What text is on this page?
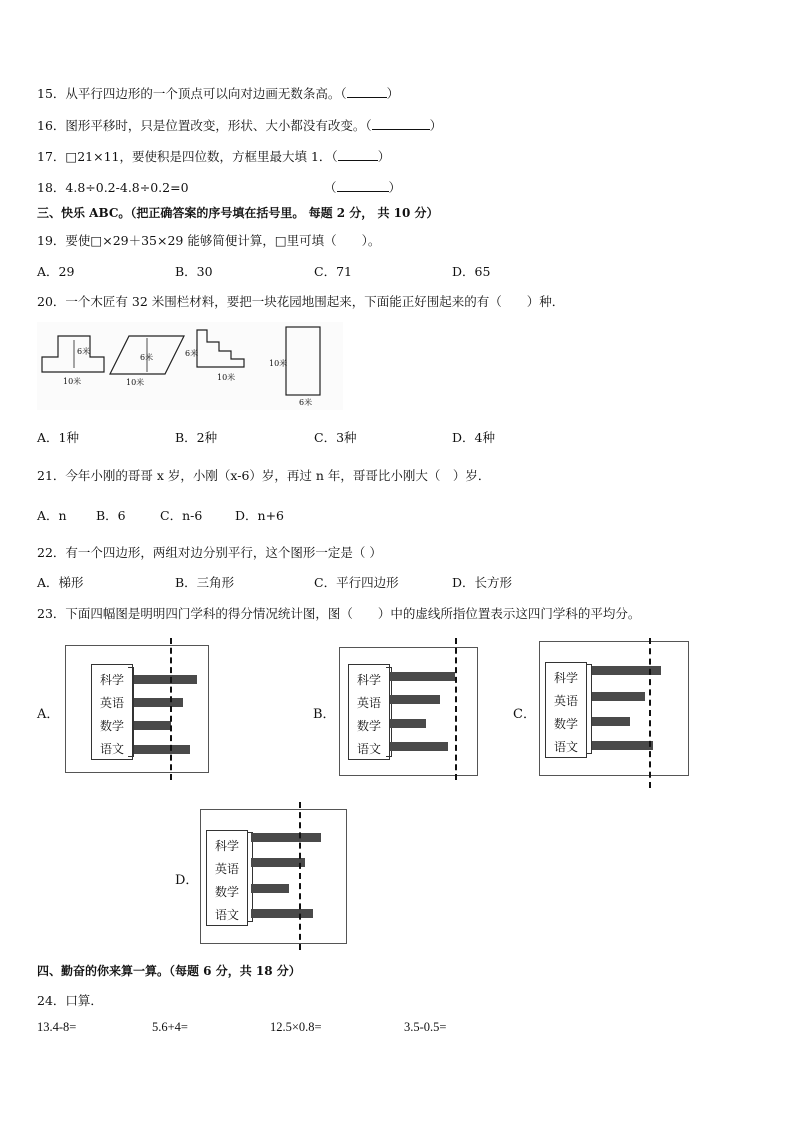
15．从平行四边形的一个顶点可以向对边画无数条高。（	）
16．图形平移时，只是位置改变，形状、大小都没有改变。（	）
17．□21×11，要使积是四位数，方框里最大填 1．（	）
18．4.8÷0.2-4.8÷0.2=0	（	）
三、快乐 ABC。（把正确答案的序号填在括号里。 每题 2 分， 共 10 分）
19．要使□×29＋35×29 能够简便计算，□里可填（　　）。
A．29	B．30	C．71	D．65
20．一个木匠有 32 米围栏材料，要把一块花园地围起来，下面能正好围起来的有（　　）种．
6米
10米
6米
10米
6米
10米
10米
6米
A．1种	B．2种	C．3种	D．4种
21．今年小刚的哥哥 x 岁，小刚（x-6）岁，再过 n 年，哥哥比小刚大（　）岁．
A．n B．6	C．n-6	D．n+6
22．有一个四边形，两组对边分别平行，这个图形一定是（ ）
A．梯形	B．三角形	C．平行四边形	D．长方形
23．下面四幅图是明明四门学科的得分情况统计图，图（　　）中的虚线所指位置表示这四门学科的平均分。
A．
科学
英语
数学
语文
B．
科学
英语
数学
语文
C．
科学
英语
数学
语文
D．
科学
英语
数学
语文
四、勤奋的你来算一算。（每题 6 分，共 18 分）
24．口算．
13.4-8=	5.6+4=	12.5×0.8=	3.5-0.5=
